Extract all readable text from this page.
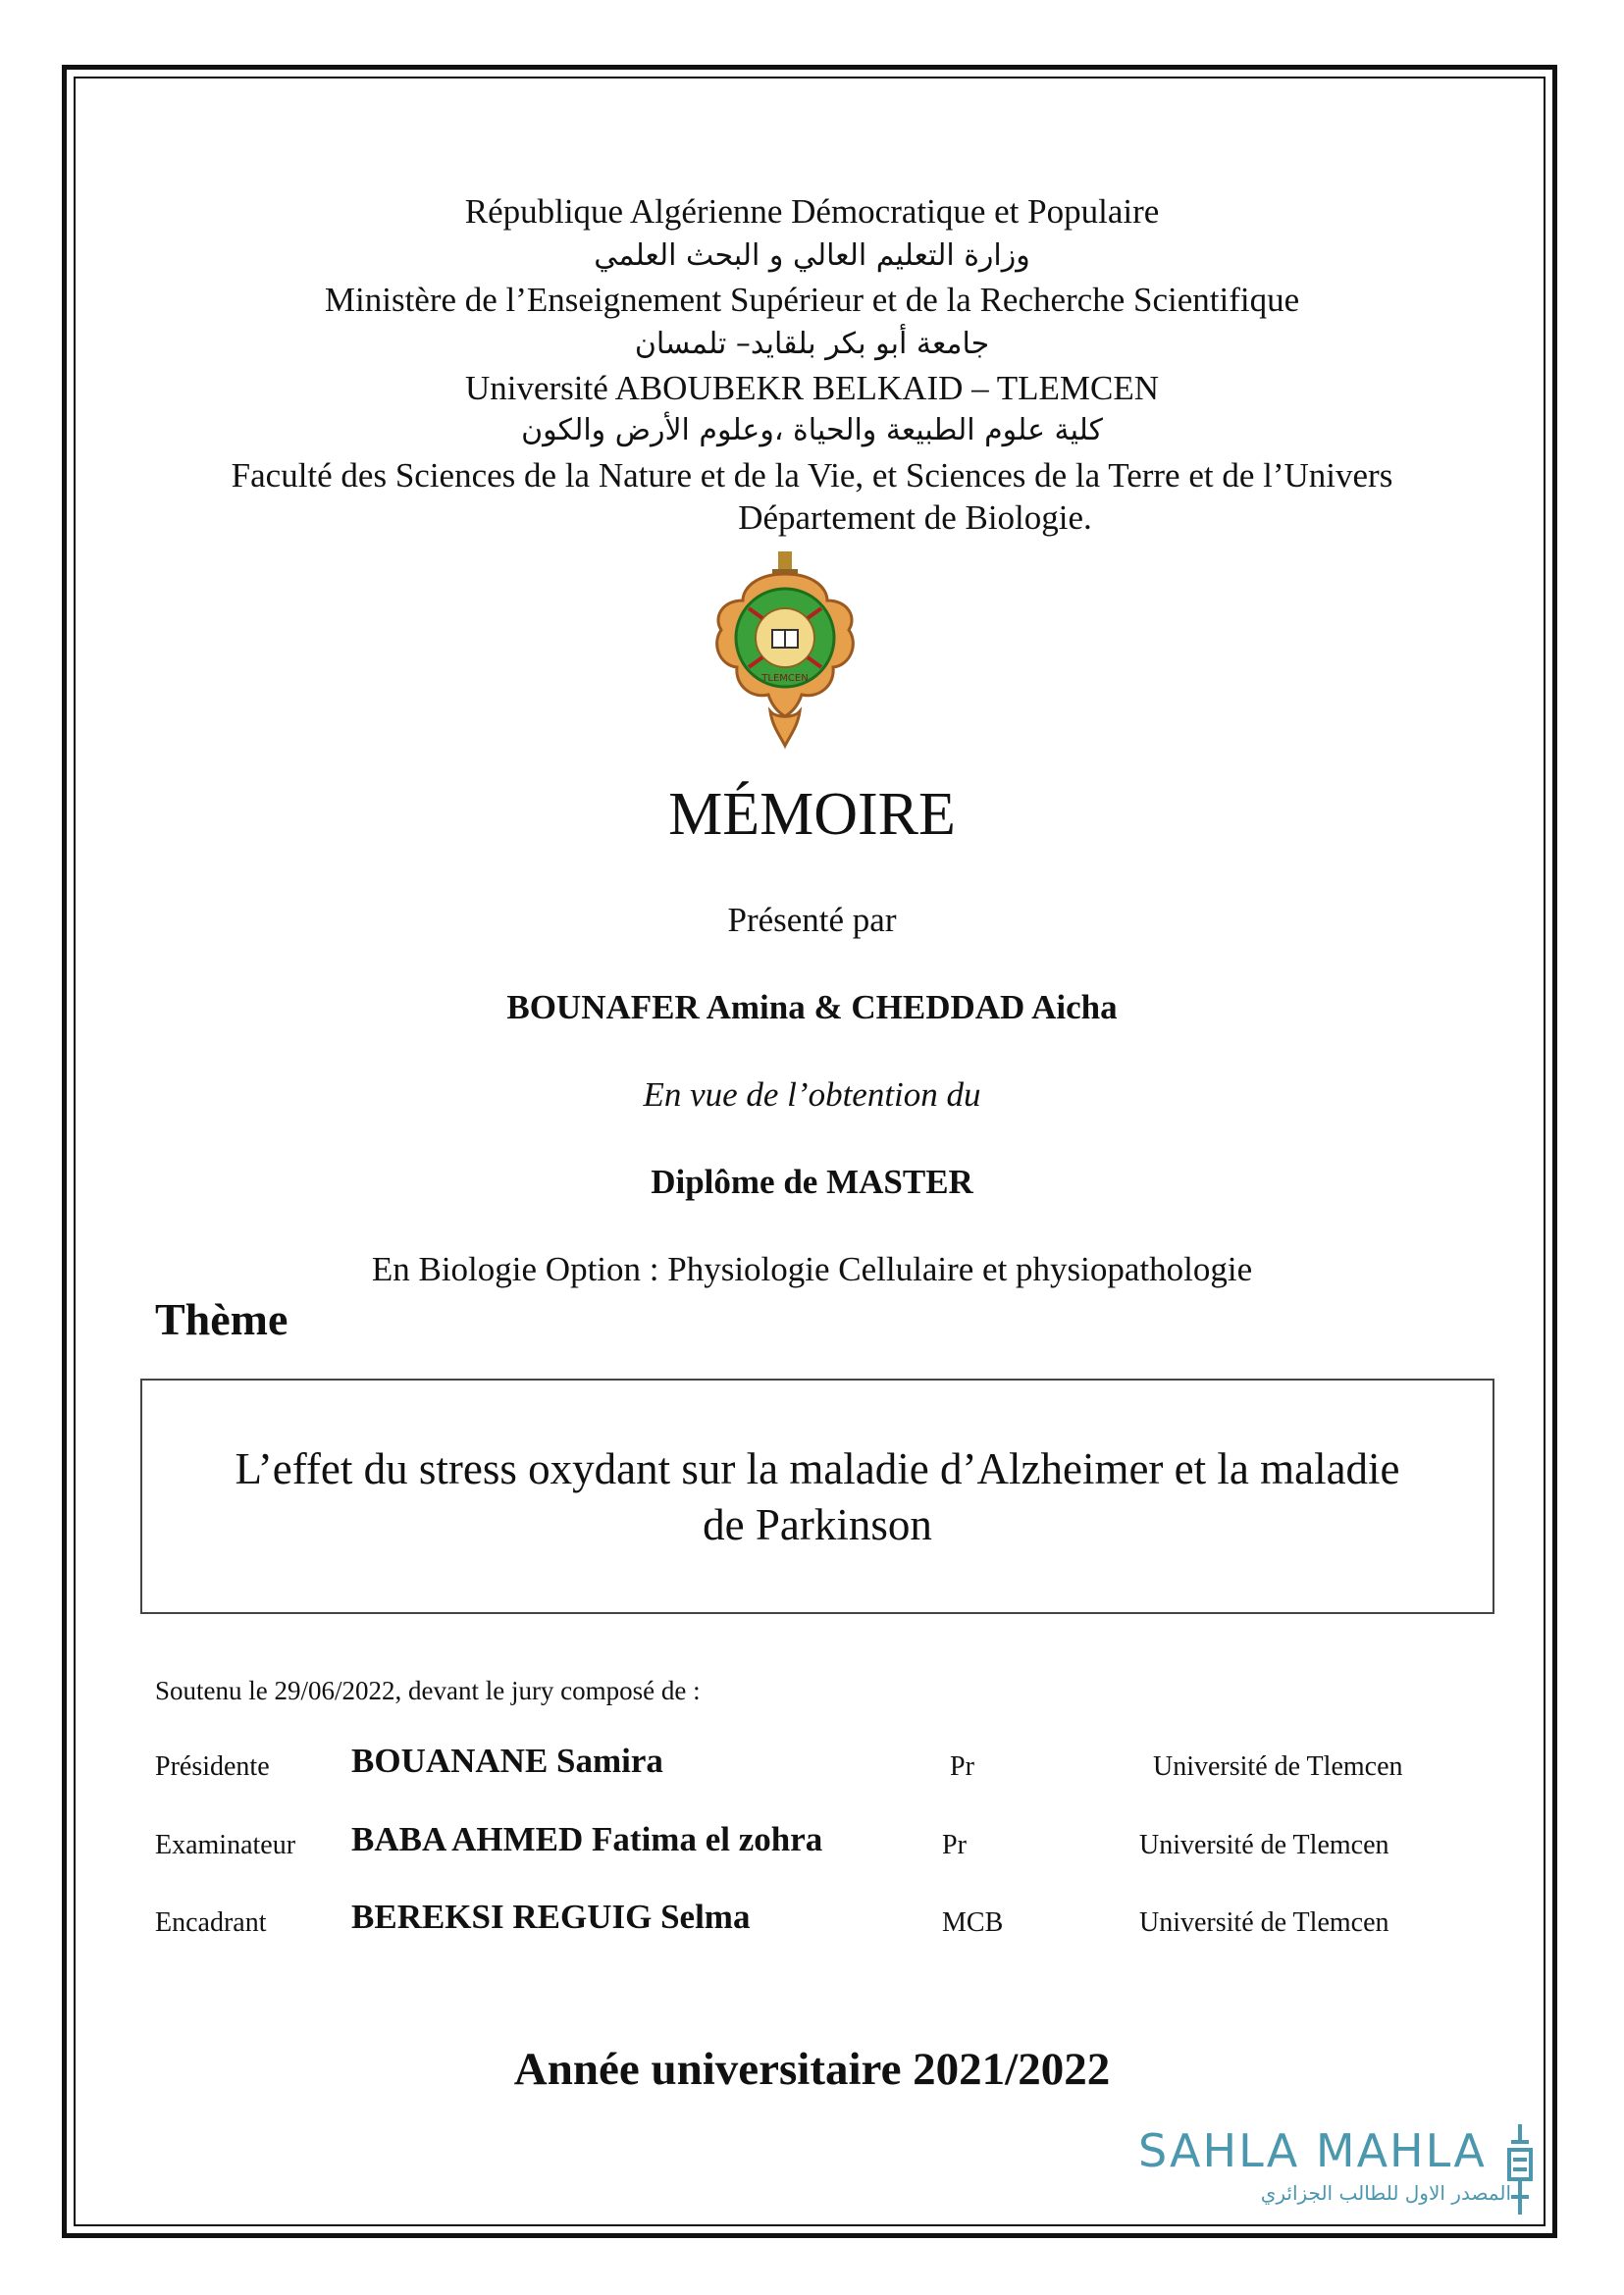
République Algérienne Démocratique et Populaire
وزارة التعليم العالي و البحث العلمي
Ministère de l’Enseignement Supérieur et de la Recherche Scientifique
جامعة أبو بكر بلقايد– تلمسان
Université ABOUBEKR BELKAID – TLEMCEN
كلية علوم الطبيعة والحياة ،وعلوم الأرض والكون
Faculté des Sciences de la Nature et de la Vie, et Sciences de la Terre et de l’Univers
Département de Biologie.
TLEMCEN
MÉMOIRE
Présenté par
BOUNAFER Amina & CHEDDAD Aicha
En vue de l’obtention du
Diplôme de MASTER
En Biologie Option : Physiologie Cellulaire et physiopathologie
Thème
L’effet du stress oxydant sur la maladie d’Alzheimer et la maladie
de Parkinson
Soutenu le 29/06/2022, devant le jury composé de :
Présidente BOUANANE Samira	Pr	Université de Tlemcen
Examinateur BABA AHMED Fatima el zohra	Pr	Université de Tlemcen
Encadrant BEREKSI REGUIG Selma	MCB	Université de Tlemcen
Année universitaire 2021/2022
SAHLA MAHLA
المصدر الاول للطالب الجزائري
